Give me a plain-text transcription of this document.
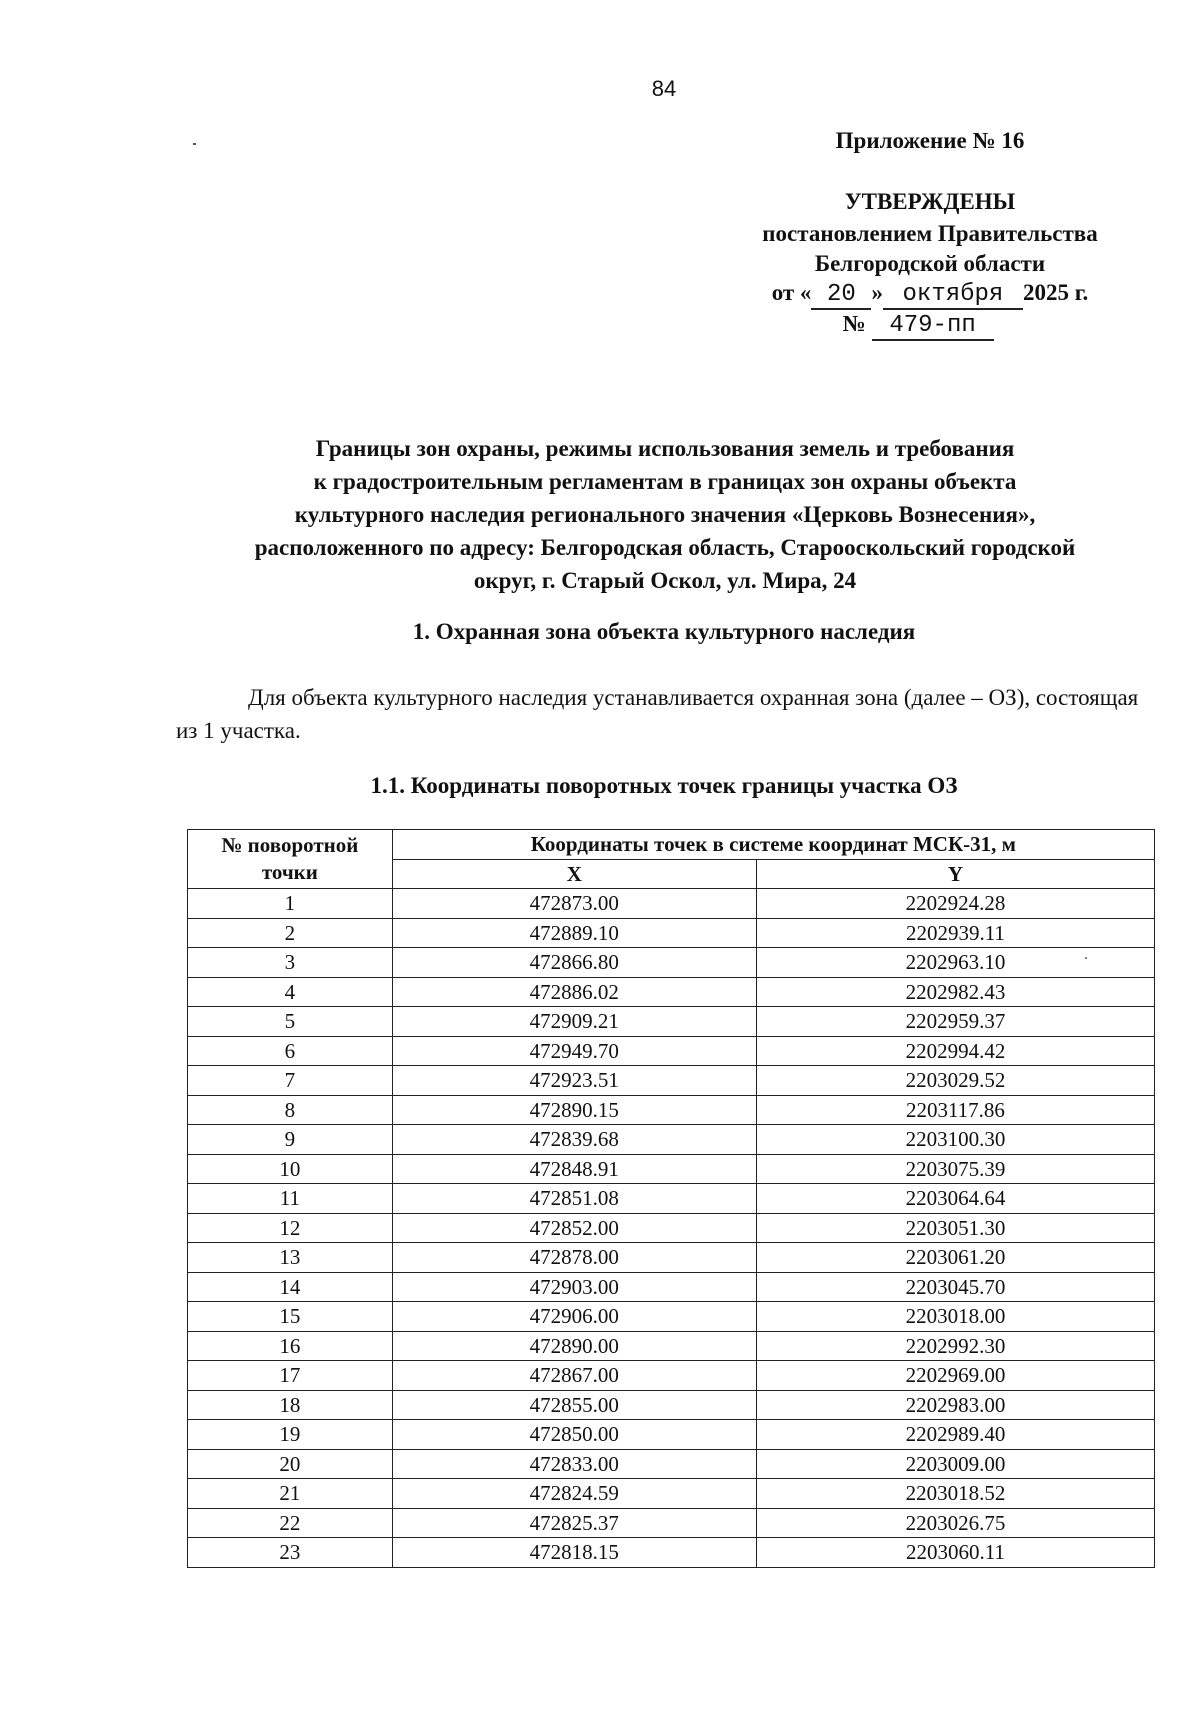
84
Приложение № 16
УТВЕРЖДЕНЫ
постановлением Правительства
Белгородской области
от « 20 » октября 2025 г.
№ 479-пп
Границы зон охраны, режимы использования земель и требования
к градостроительным регламентам в границах зон охраны объекта
культурного наследия регионального значения «Церковь Вознесения»,
расположенного по адресу: Белгородская область, Старооскольский городской
округ, г. Старый Оскол, ул. Мира, 24
1. Охранная зона объекта культурного наследия

Для объекта культурного наследия устанавливается охранная зона (далее – ОЗ), состоящая из 1 участка.

1.1. Координаты поворотных точек границы участка ОЗ
№ поворотной
точки	Координаты точек в системе координат МСК-31, м	
	X	Y
1	472873.00	2202924.28
2	472889.10	2202939.11
3	472866.80	2202963.10
4	472886.02	2202982.43
5	472909.21	2202959.37
6	472949.70	2202994.42
7	472923.51	2203029.52
8	472890.15	2203117.86
9	472839.68	2203100.30
10	472848.91	2203075.39
11	472851.08	2203064.64
12	472852.00	2203051.30
13	472878.00	2203061.20
14	472903.00	2203045.70
15	472906.00	2203018.00
16	472890.00	2202992.30
17	472867.00	2202969.00
18	472855.00	2202983.00
19	472850.00	2202989.40
20	472833.00	2203009.00
21	472824.59	2203018.52
22	472825.37	2203026.75
23	472818.15	2203060.11
